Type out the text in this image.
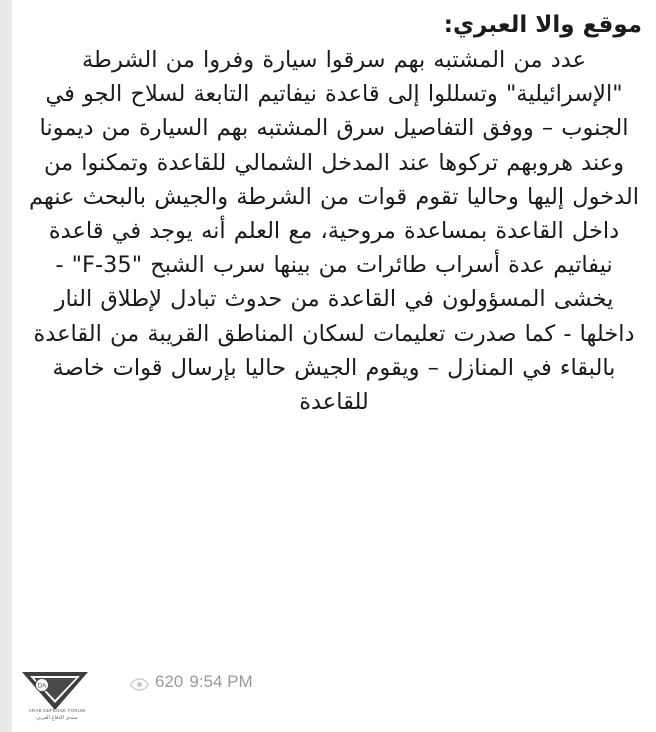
موقع والا العبري:
عدد من المشتبه بهم سرقوا سيارة وفروا من الشرطة "الإسرائيلية" وتسللوا إلى قاعدة نيفاتيم التابعة لسلاح الجو في الجنوب – ووفق التفاصيل سرق المشتبه بهم السيارة من ديمونا وعند هروبهم تركوها عند المدخل الشمالي للقاعدة وتمكنوا من الدخول إليها وحاليا تقوم قوات من الشرطة والجيش بالبحث عنهم داخل القاعدة بمساعدة مروحية، مع العلم أنه يوجد في قاعدة نيفاتيم عدة أسراب طائرات من بينها سرب الشبح "F-35" - يخشى المسؤولون في القاعدة من حدوث تبادل لإطلاق النار داخلها - كما صدرت تعليمات لسكان المناطق القريبة من القاعدة بالبقاء في المنازل – ويقوم الجيش حاليا بإرسال قوات خاصة للقاعدة
620 9:54 PM
DA
ARAB DEFENSE FORUM
منتدى الدفاع العربي
